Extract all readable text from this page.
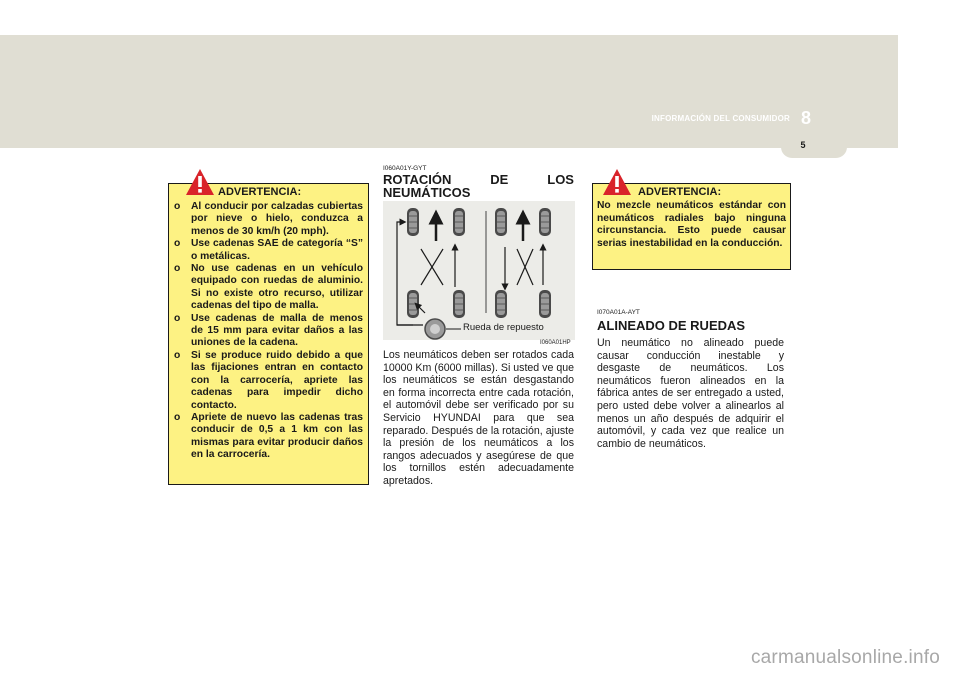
INFORMACIÓN DEL CONSUMIDOR 8
5
ADVERTENCIA:
o Al conducir por calzadas cubiertas por nieve o hielo, conduzca a menos de 30 km/h (20 mph).
o Use cadenas SAE de categoría “S” o metálicas.
o No use cadenas en un vehículo equipado con ruedas de aluminio. Si no existe otro recurso, utilizar cadenas del tipo de malla.
o Use cadenas de malla de menos de 15 mm para evitar daños a las uniones de la cadena.
o Si se produce ruido debido a que las fijaciones entran en contacto con la carrocería, apriete las cadenas para impedir dicho contacto.
o Apriete de nuevo las cadenas tras conducir de 0,5 a 1 km con las mismas para evitar producir daños en la carrocería.
I060A01Y-GYT
ROTACIÓN	DE	LOS
NEUMÁTICOS
Rueda de repuesto
I060A01HP

Los neumáticos deben ser rotados cada 10000 Km (6000 millas). Si usted ve que los neumáticos se están desgastando en forma incorrecta entre cada rotación, el automóvil debe ser verificado por su Servicio HYUNDAI para que sea reparado. Después de la rotación, ajuste la presión de los neumáticos a los rangos adecuados y asegúrese de que los tornillos estén adecuadamente apretados.

ADVERTENCIA:
No mezcle neumáticos estándar con neumáticos radiales bajo ninguna circunstancia. Esto puede causar serias inestabilidad en la conducción.
I070A01A-AYT
ALINEADO DE RUEDAS

Un neumático no alineado puede causar conducción inestable y desgaste de neumáticos. Los neumáticos fueron alineados en la fábrica antes de ser entregado a usted, pero usted debe volver a alinearlos al menos un año después de adquirir el automóvil, y cada vez que realice un cambio de neumáticos.

carmanualsonline.info
